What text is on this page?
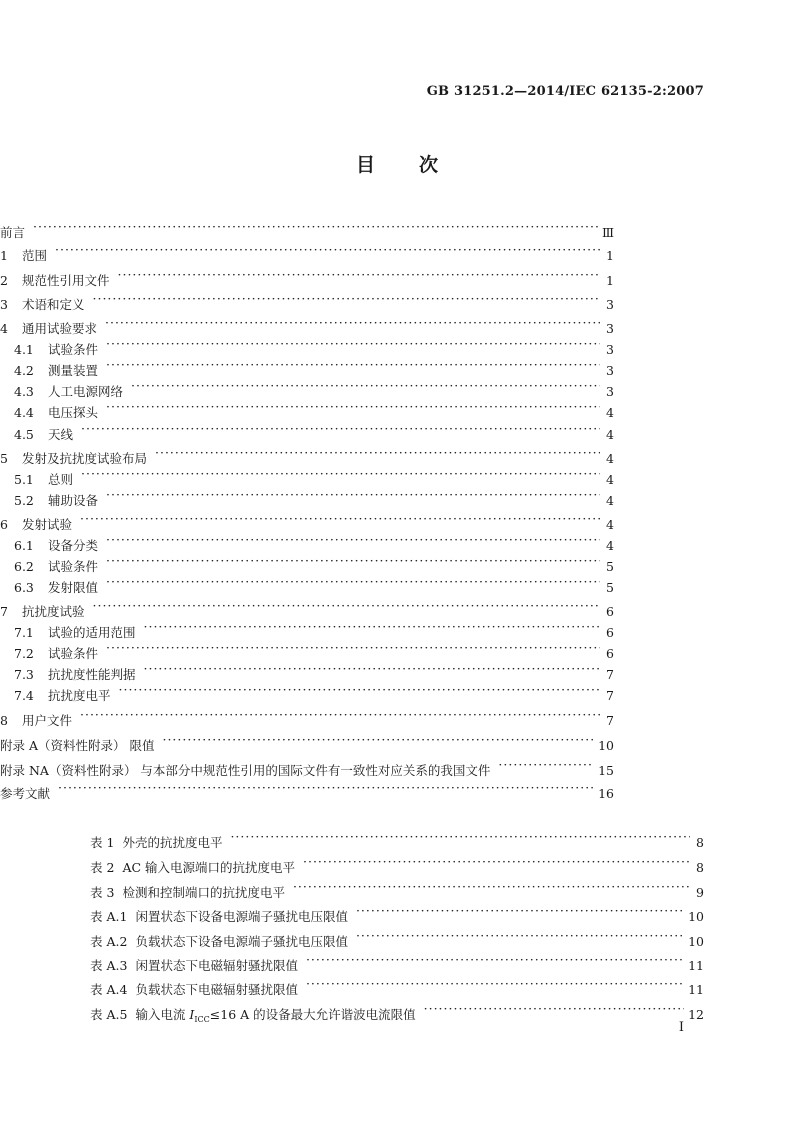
GB 31251.2—2014/IEC 62135-2:2007
目 次
前言 ·····	Ⅲ
1	范围 ·····	1
2	规范性引用文件 ·····	1
3	术语和定义 ·····	3
4	通用试验要求 ·····	3
4.1	试验条件 ·····	3
4.2	测量装置 ·····	3
4.3	人工电源网络 ·····	3
4.4	电压探头 ·····	4
4.5	天线 ·····	4
5	发射及抗扰度试验布局 ·····	4
5.1	总则 ·····	4
5.2	辅助设备 ·····	4
6	发射试验 ·····	4
6.1	设备分类 ·····	4
6.2	试验条件 ·····	5
6.3	发射限值 ·····	5
7	抗扰度试验 ·····	6
7.1	试验的适用范围 ·····	6
7.2	试验条件 ·····	6
7.3	抗扰度性能判据 ·····	7
7.4	抗扰度电平 ·····	7
8	用户文件 ·····	7
附录 A（资料性附录） 限值 ·····	10
附录 NA（资料性附录） 与本部分中规范性引用的国际文件有一致性对应关系的我国文件 ·····	15
参考文献 ·····	16
表 1 外壳的抗扰度电平 ·····	8
表 2 AC 输入电源端口的抗扰度电平 ·····	8
表 3 检测和控制端口的抗扰度电平 ·····	9
表 A.1 闲置状态下设备电源端子骚扰电压限值 ·····	10
表 A.2 负载状态下设备电源端子骚扰电压限值 ·····	10
表 A.3 闲置状态下电磁辐射骚扰限值 ·····	11
表 A.4 负载状态下电磁辐射骚扰限值 ·····	11
表 A.5 输入电流 $I_{ICC}\le 16$ A 的设备最大允许谐波电流限值 ·····	12
I
